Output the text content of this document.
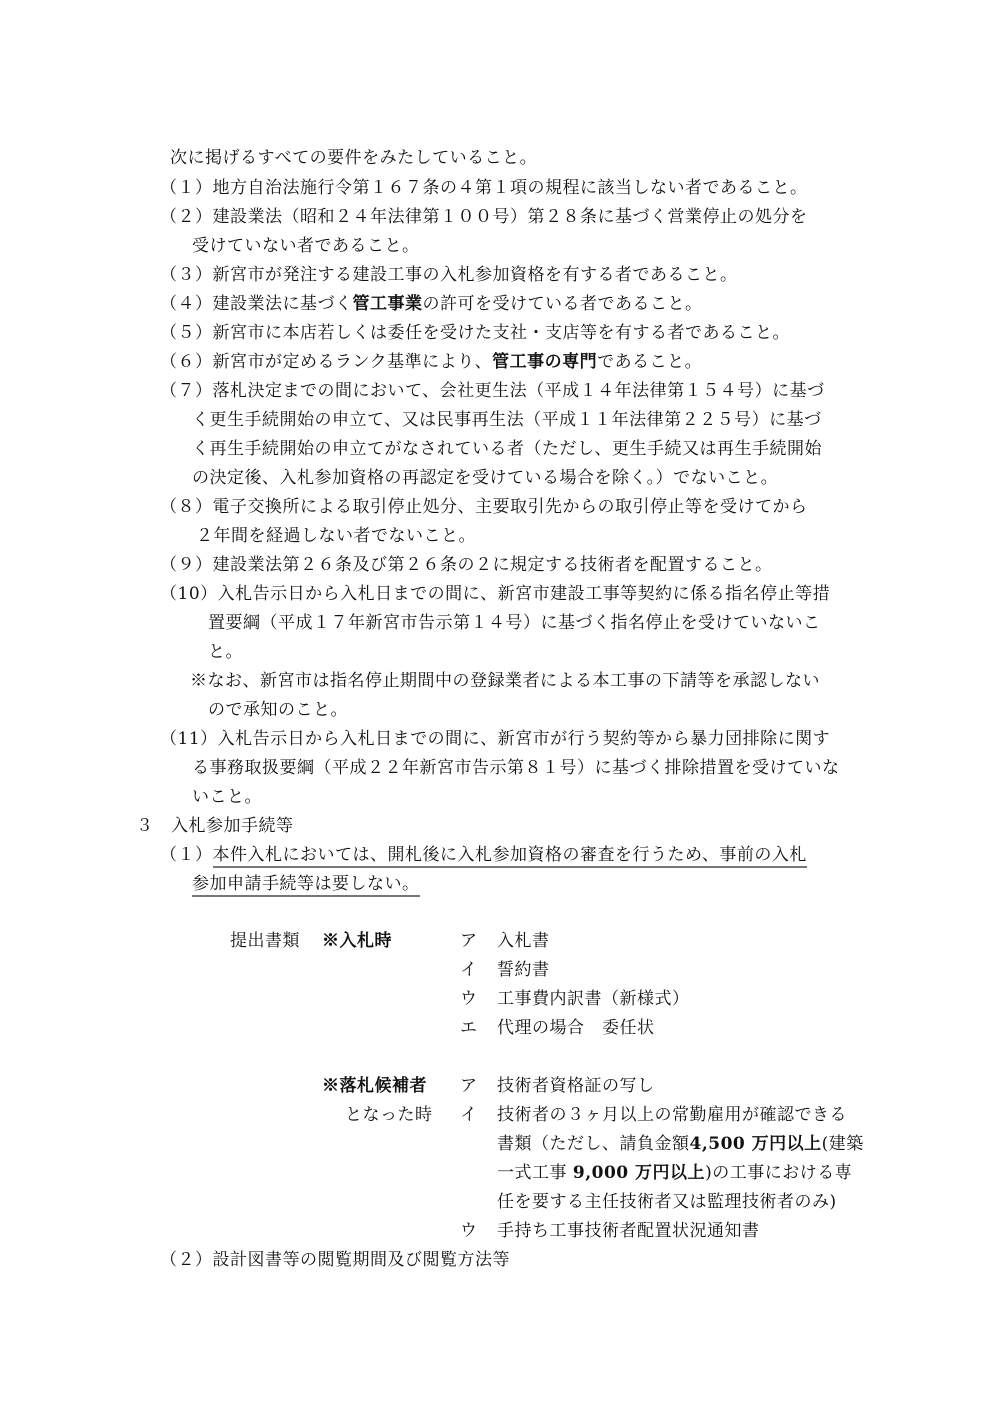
次に掲げるすべての要件をみたしていること。
（１）地方自治法施行令第１６７条の４第１項の規程に該当しない者であること。
（２）建設業法（昭和２４年法律第１００号）第２８条に基づく営業停止の処分を
受けていない者であること。
（３）新宮市が発注する建設工事の入札参加資格を有する者であること。
（４）建設業法に基づく管工事業の許可を受けている者であること。
（５）新宮市に本店若しくは委任を受けた支社・支店等を有する者であること。
（６）新宮市が定めるランク基準により、管工事の専門であること。
（７）落札決定までの間において、会社更生法（平成１４年法律第１５４号）に基づ
く更生手続開始の申立て、又は民事再生法（平成１１年法律第２２５号）に基づ
く再生手続開始の申立てがなされている者（ただし、更生手続又は再生手続開始
の決定後、入札参加資格の再認定を受けている場合を除く。）でないこと。
（８）電子交換所による取引停止処分、主要取引先からの取引停止等を受けてから
２年間を経過しない者でないこと。
（９）建設業法第２６条及び第２６条の２に規定する技術者を配置すること。
（10）入札告示日から入札日までの間に、新宮市建設工事等契約に係る指名停止等措
置要綱（平成１７年新宮市告示第１４号）に基づく指名停止を受けていないこ
と。
※なお、新宮市は指名停止期間中の登録業者による本工事の下請等を承認しない
ので承知のこと。
（11）入札告示日から入札日までの間に、新宮市が行う契約等から暴力団排除に関す
る事務取扱要綱（平成２２年新宮市告示第８１号）に基づく排除措置を受けていな
いこと。
３　入札参加手続等
（１）本件入札においては、開札後に入札参加資格の審査を行うため、事前の入札
参加申請手続等は要しない。
提出書類 ※入札時	ア 入札書
イ 誓約書
ウ 工事費内訳書（新様式）
エ 代理の場合　委任状
※落札候補者
となった時
ア 技術者資格証の写し
イ 技術者の３ヶ月以上の常勤雇用が確認できる
書類（ただし、請負金額4,500 万円以上(建築
一式工事 9,000 万円以上)の工事における専
任を要する主任技術者又は監理技術者のみ)
ウ 手持ち工事技術者配置状況通知書
（２）設計図書等の閲覧期間及び閲覧方法等
